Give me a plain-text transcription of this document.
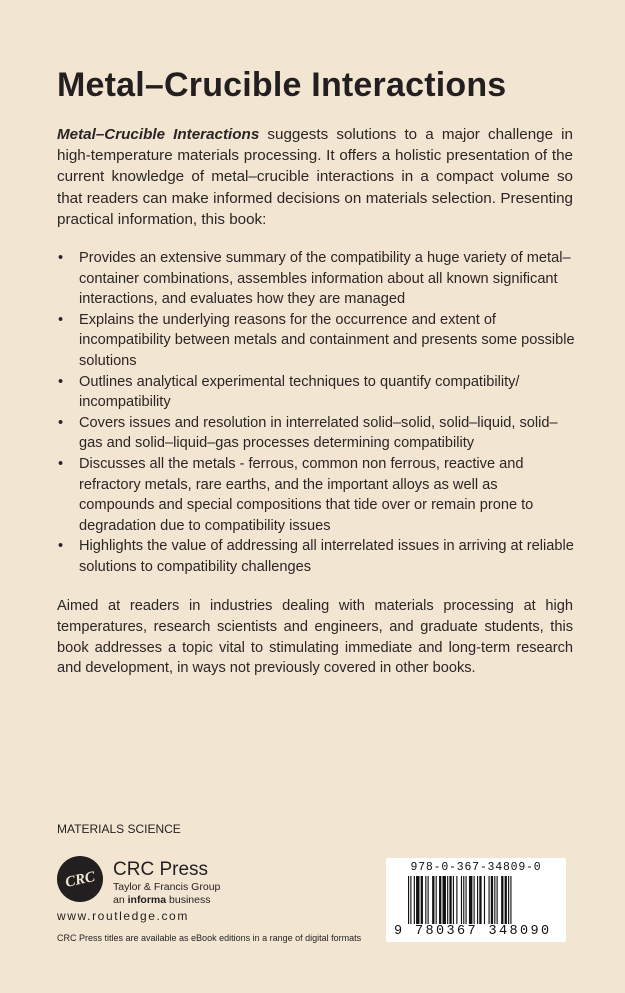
Metal–Crucible Interactions
Metal–Crucible Interactions suggests solutions to a major challenge in high-temperature materials processing. It offers a holistic presentation of the current knowledge of metal–crucible interactions in a compact volume so that readers can make informed decisions on materials selection. Presenting practical information, this book:
• Provides an extensive summary of the compatibility a huge variety of metal–container combinations, assembles information about all known significant interactions, and evaluates how they are managed
• Explains the underlying reasons for the occurrence and extent of incompatibility between metals and containment and presents some possible solutions
• Outlines analytical experimental techniques to quantify compatibility/ incompatibility
• Covers issues and resolution in interrelated solid–solid, solid–liquid, solid–gas and solid–liquid–gas processes determining compatibility
• Discusses all the metals - ferrous, common non ferrous, reactive and refractory metals, rare earths, and the important alloys as well as compounds and special compositions that tide over or remain prone to degradation due to compatibility issues
• Highlights the value of addressing all interrelated issues in arriving at reliable solutions to compatibility challenges
Aimed at readers in industries dealing with materials processing at high temperatures, research scientists and engineers, and graduate students, this book addresses a topic vital to stimulating immediate and long-term research and development, in ways not previously covered in other books.
MATERIALS SCIENCE
CRC CRC Press
Taylor & Francis Group
an informa business
www.routledge.com
CRC Press titles are available as eBook editions in a range of digital formats
978-0-367-34809-0
9 780367 348090
